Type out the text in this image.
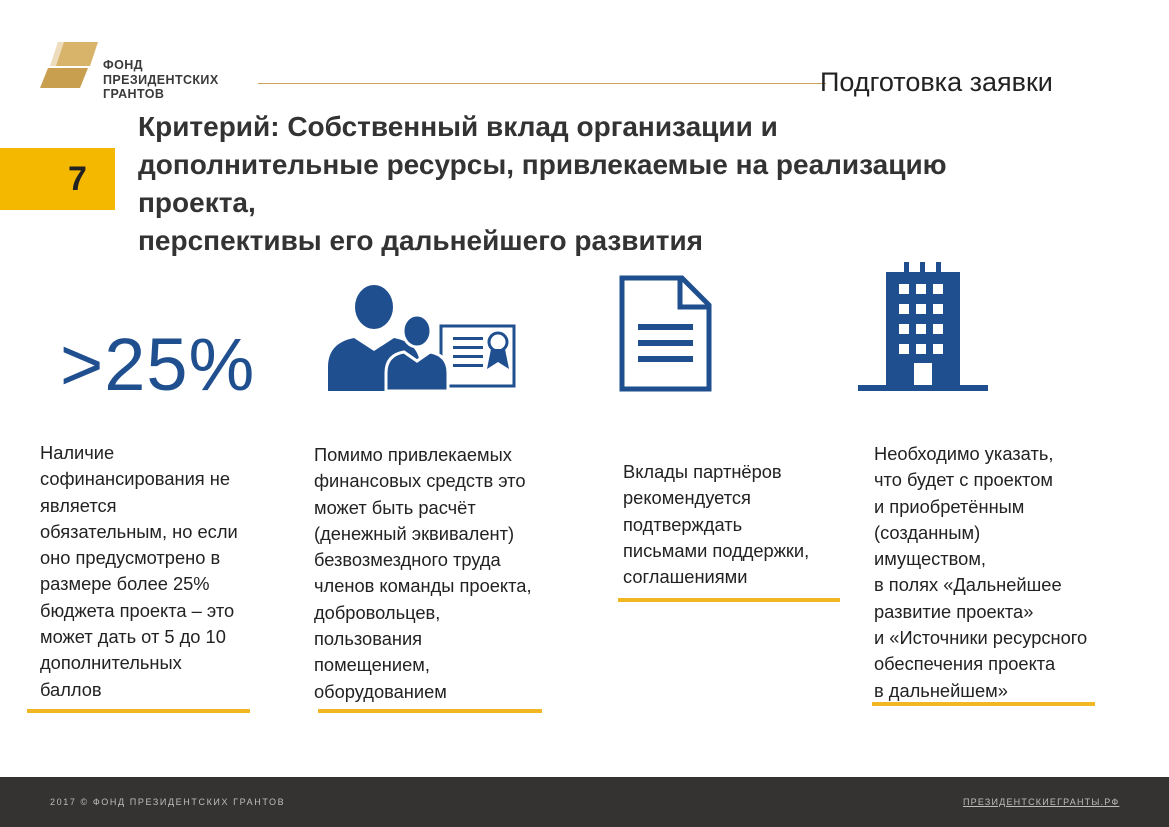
ФОНД
ПРЕЗИДЕНТСКИХ
ГРАНТОВ	Подготовка заявки
7
Критерий: Собственный вклад организации и
дополнительные ресурсы, привлекаемые на реализацию
проекта,
перспективы его дальнейшего развития
>25%
Наличие
софинансирования не
является
обязательным, но если
оно предусмотрено в
размере более 25%
бюджета проекта – это
может дать от 5 до 10
дополнительных
баллов
Помимо привлекаемых
финансовых средств это
может быть расчёт
(денежный эквивалент)
безвозмездного труда
членов команды проекта,
добровольцев,
пользования
помещением,
оборудованием
Вклады партнёров
рекомендуется
подтверждать
письмами поддержки,
соглашениями
Необходимо указать,
что будет с проектом
и приобретённым
(созданным)
имуществом,
в полях «Дальнейшее
развитие проекта»
и «Источники ресурсного
обеспечения проекта
в дальнейшем»
2017 © ФОНД ПРЕЗИДЕНТСКИХ ГРАНТОВ	ПРЕЗИДЕНТСКИЕГРАНТЫ.РФ
